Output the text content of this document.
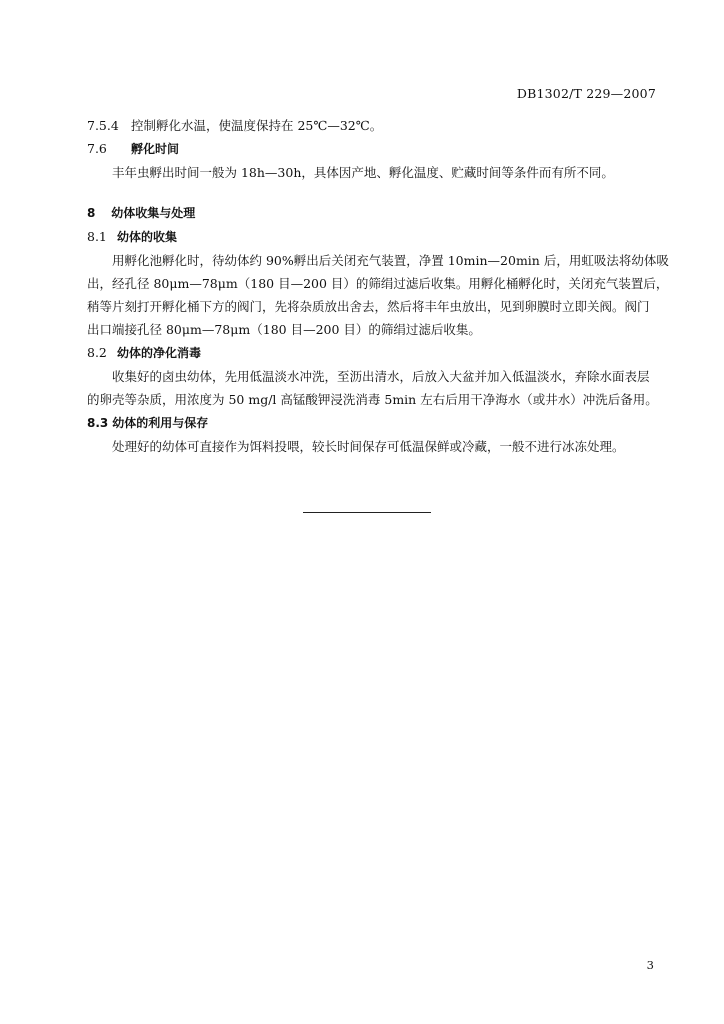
DB1302/T 229—2007

7.5.4 控制孵化水温，使温度保持在 25℃—32℃。

7.6 孵化时间

丰年虫孵出时间一般为 18h—30h，具体因产地、孵化温度、贮藏时间等条件而有所不同。

8 幼体收集与处理

8.1 幼体的收集

用孵化池孵化时，待幼体约 90%孵出后关闭充气装置，净置 10min—20min 后，用虹吸法将幼体吸

出，经孔径 80μm—78μm（180 目—200 目）的筛绢过滤后收集。用孵化桶孵化时，关闭充气装置后，

稍等片刻打开孵化桶下方的阀门，先将杂质放出舍去，然后将丰年虫放出，见到卵膜时立即关阀。阀门

出口端接孔径 80μm—78μm（180 目—200 目）的筛绢过滤后收集。

8.2 幼体的净化消毒

收集好的卤虫幼体，先用低温淡水冲洗，至沥出清水，后放入大盆并加入低温淡水，弃除水面表层

的卵壳等杂质，用浓度为 50 mg/l 高锰酸钾浸洗消毒 5min 左右后用干净海水（或井水）冲洗后备用。

8.3 幼体的利用与保存

处理好的幼体可直接作为饵料投喂，较长时间保存可低温保鲜或冷藏，一般不进行冰冻处理。

3
